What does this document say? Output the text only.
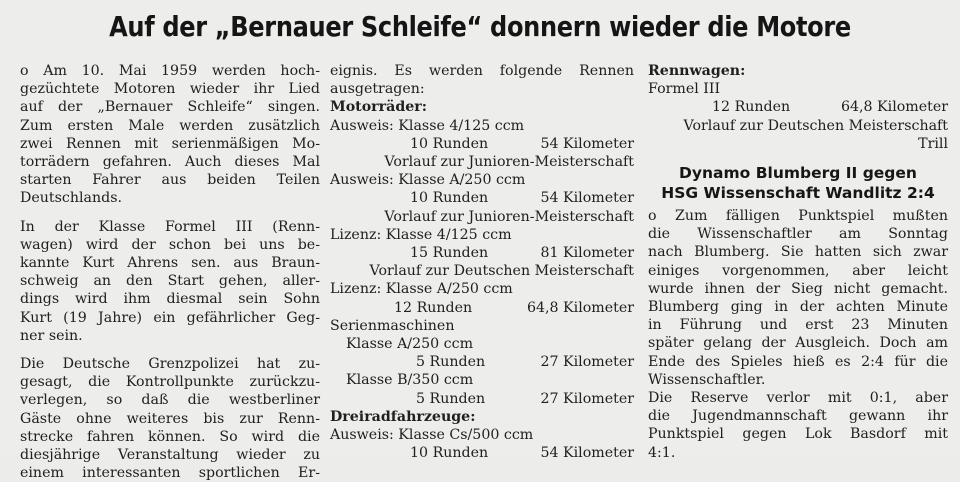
Auf der „Bernauer Schleife“ donnern wieder die Motore

o Am 10. Mai 1959 werden hoch-

gezüchtete Motoren wieder ihr Lied

auf der „Bernauer Schleife“ singen.

Zum ersten Male werden zusätzlich

zwei Rennen mit serienmäßigen Mo-

torrädern gefahren. Auch dieses Mal

starten Fahrer aus beiden Teilen

Deutschlands.

In der Klasse Formel III (Renn-

wagen) wird der schon bei uns be-

kannte Kurt Ahrens sen. aus Braun-

schweig an den Start gehen, aller-

dings wird ihm diesmal sein Sohn

Kurt (19 Jahre) ein gefährlicher Geg-

ner sein.

Die Deutsche Grenzpolizei hat zu-

gesagt, die Kontrollpunkte zurückzu-

verlegen, so daß die westberliner

Gäste ohne weiteres bis zur Renn-

strecke fahren können. So wird die

diesjährige Veranstaltung wieder zu

einem interessanten sportlichen Er-

eignis. Es werden folgende Rennen

ausgetragen:

Motorräder:

Ausweis: Klasse 4/125 ccm

10 Runden	54 Kilometer

Vorlauf zur Junioren-Meisterschaft

Ausweis: Klasse A/250 ccm

10 Runden	54 Kilometer

Vorlauf zur Junioren-Meisterschaft

Lizenz: Klasse 4/125 ccm

15 Runden	81 Kilometer

Vorlauf zur Deutschen Meisterschaft

Lizenz: Klasse A/250 ccm

12 Runden	64,8 Kilometer

Serienmaschinen

Klasse A/250 ccm

5 Runden	27 Kilometer

Klasse B/350 ccm

5 Runden	27 Kilometer

Dreiradfahrzeuge:

Ausweis: Klasse Cs/500 ccm

10 Runden	54 Kilometer

Rennwagen:

Formel III

12 Runden	64,8 Kilometer

Vorlauf zur Deutschen Meisterschaft

Trill

Dynamo Blumberg II gegen
HSG Wissenschaft Wandlitz 2:4

o Zum fälligen Punktspiel mußten

die Wissenschaftler am Sonntag

nach Blumberg. Sie hatten sich zwar

einiges vorgenommen, aber leicht

wurde ihnen der Sieg nicht gemacht.

Blumberg ging in der achten Minute

in Führung und erst 23 Minuten

später gelang der Ausgleich. Doch am

Ende des Spieles hieß es 2:4 für die

Wissenschaftler.

Die Reserve verlor mit 0:1, aber

die Jugendmannschaft gewann ihr

Punktspiel gegen Lok Basdorf mit

4:1.
